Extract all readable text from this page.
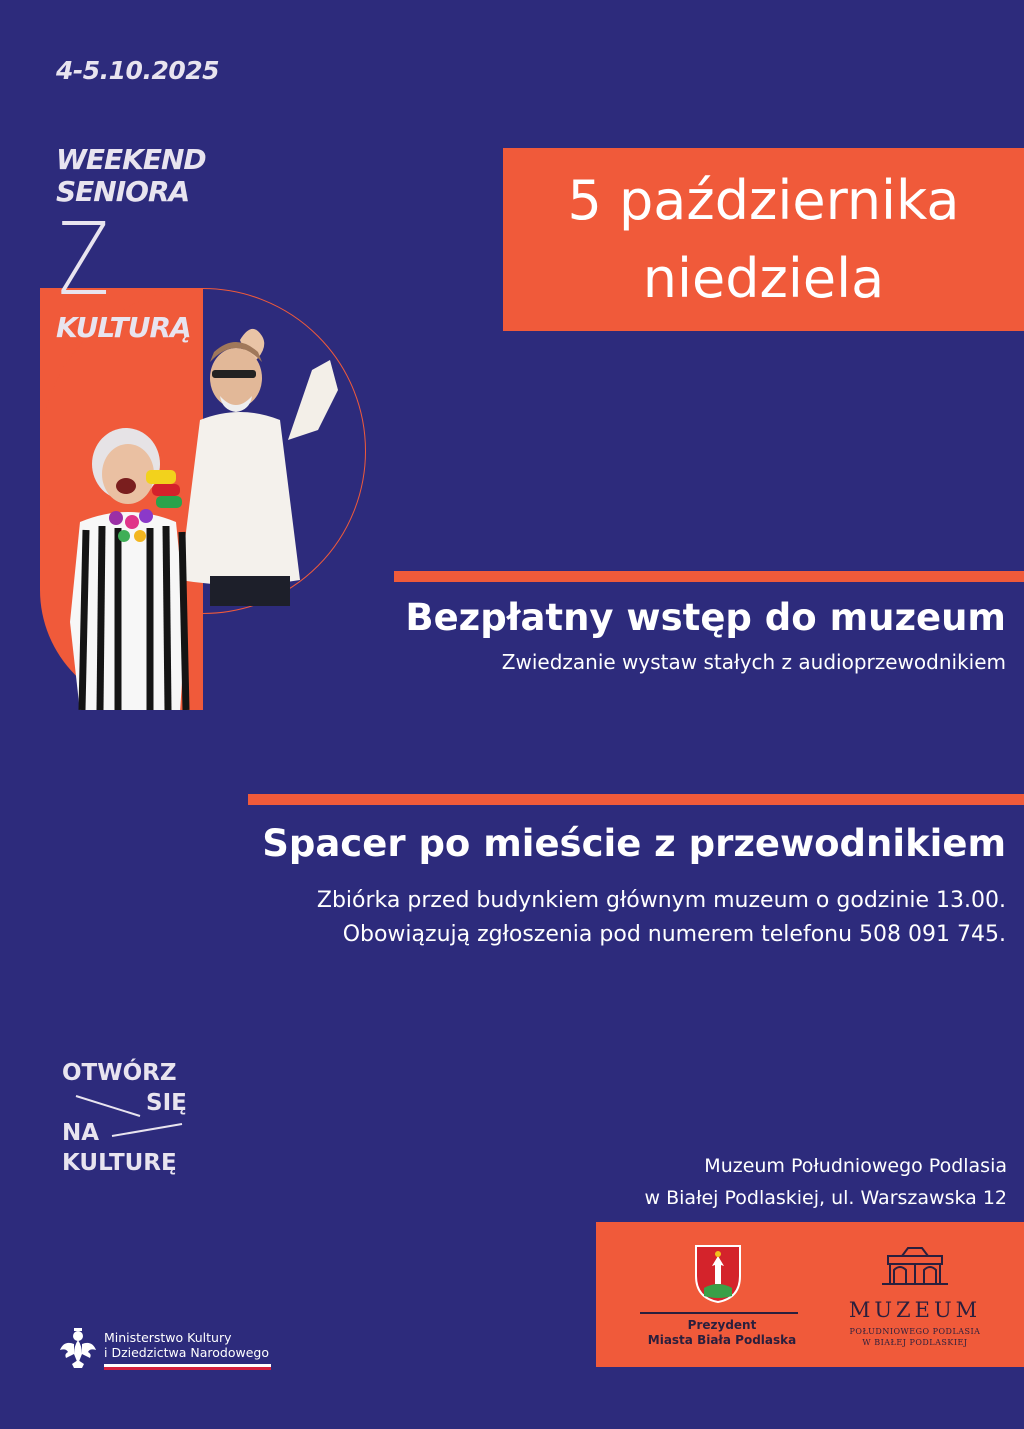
4-5.10.2025
WEEKEND
SENIORA
Z
KULTURĄ
5 października
niedziela
Bezpłatny wstęp do muzeum
Zwiedzanie wystaw stałych z audioprzewodnikiem
Spacer po mieście z przewodnikiem
Zbiórka przed budynkiem głównym muzeum o godzinie 13.00.
Obowiązują zgłoszenia pod numerem telefonu 508 091 745.
OTWÓRZ
SIĘ
NA
KULTURĘ	Muzeum Południowego Podlasia
w Białej Podlaskiej, ul. Warszawska 12
Prezydent
Miasta Biała Podlaska
MUZEUM
POŁUDNIOWEGO PODLASIA
W BIAŁEJ PODLASKIEJ
Ministerstwo Kultury
i Dziedzictwa Narodowego
